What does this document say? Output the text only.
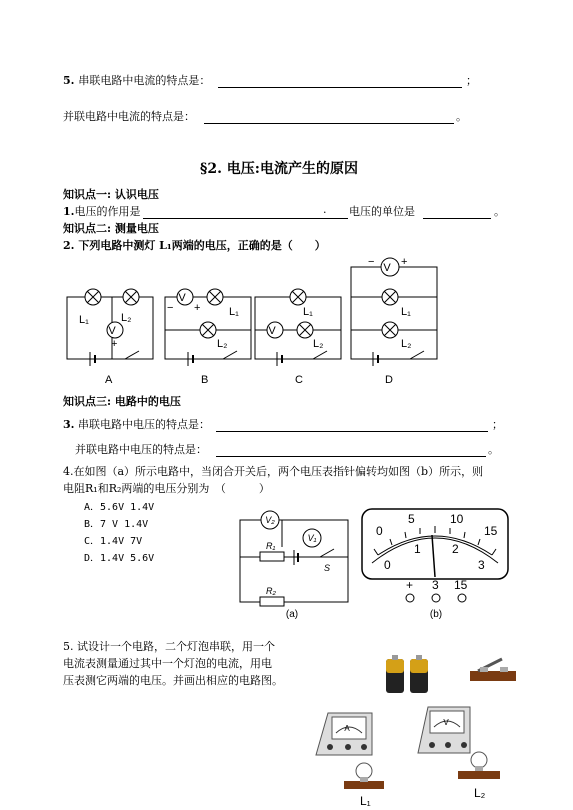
5. 串联电路中电流的特点是：	；
并联电路中电流的特点是：	。
§2. 电压:电流产生的原因
知识点一: 认识电压
1.电压的作用是	. 电压的单位是	。
知识点二: 测量电压
2. 下列电路中测灯 L₁两端的电压，正确的是（　　）
V
L₁	L₂
+
V
− +	L₁
L₂
V
L₁
L₂
V
− +
L₁
L₂
A	B	C	D
知识点三: 电路中的电压
3. 串联电路中电压的特点是：	；
并联电路中电压的特点是：	。
4.在如图（a）所示电路中，当闭合开关后，两个电压表指针偏转均如图（b）所示，则
电阻R₁和R₂两端的电压分别为　（　　　）
A．5.6V 1.4V
B．7 V 1.4V
C．1.4V 7V
D．1.4V 5.6V
V₂
V₁
R₁
S
R₂
(a)
0
5	10
15
0
1	2
3
+ 3 15
(b)
5. 试设计一个电路，二个灯泡串联，用一个
电流表测量通过其中一个灯泡的电流，用电
压表测它两端的电压。并画出相应的电路图。
A
V
L₁
L₂
